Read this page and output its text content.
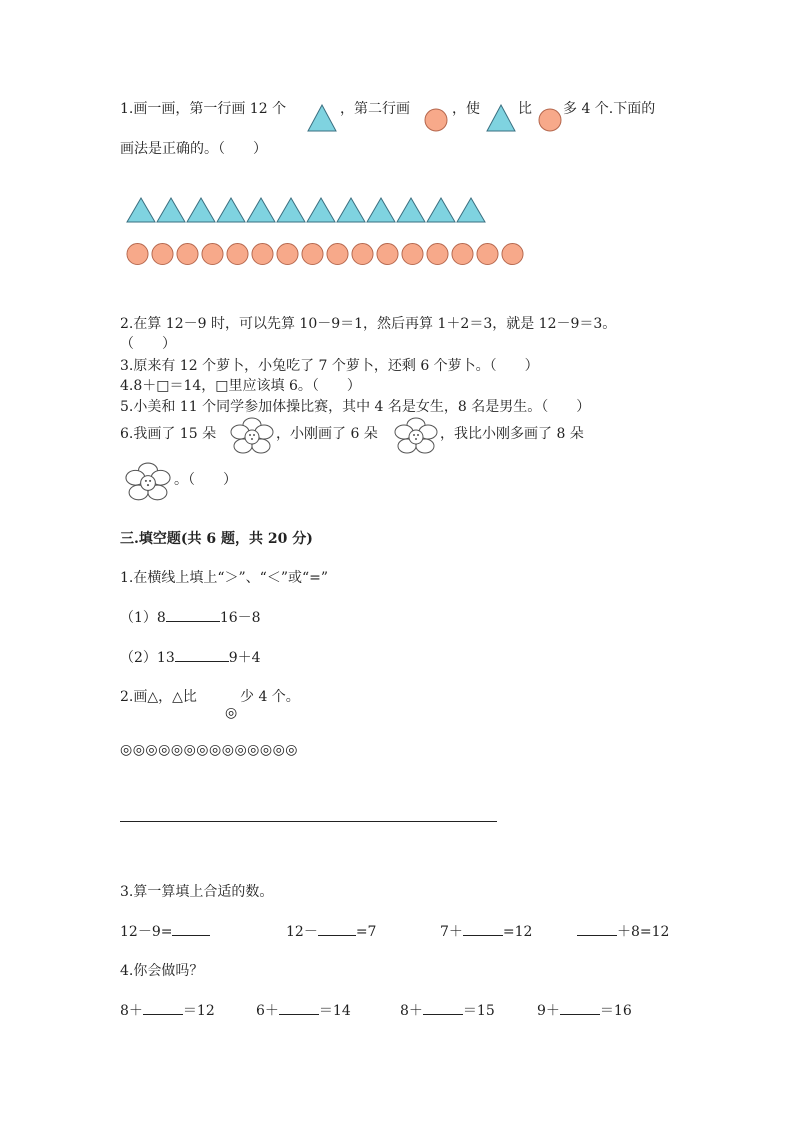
1.画一画，第一行画 12 个	，第二行画	，使	比 多 4 个.下面的
画法是正确的。（　　）
2.在算 12－9 时，可以先算 10－9＝1，然后再算 1＋2＝3，就是 12－9＝3。
（　　）
3.原来有 12 个萝卜，小兔吃了 7 个萝卜，还剩 6 个萝卜。（　　）
4.8＋□＝14，□里应该填 6。（　　）
5.小美和 11 个同学参加体操比赛，其中 4 名是女生，8 名是男生。（　　）
6.我画了 15 朵	，小刚画了 6 朵	，我比小刚多画了 8 朵
。（　　）
三.填空题(共 6 题，共 20 分)
1.在横线上填上“＞”、“＜”或“=”
（1）8	16－8
（2）13	9＋4
2.画△，△比	少 4 个。
◎
◎◎◎◎◎◎◎◎◎◎◎◎◎◎
3.算一算填上合适的数。
12－9=	12－	=7	7＋	=12	＋8=12
4.你会做吗？
8＋	＝12	6＋	＝14	8＋	＝15	9＋	＝16
